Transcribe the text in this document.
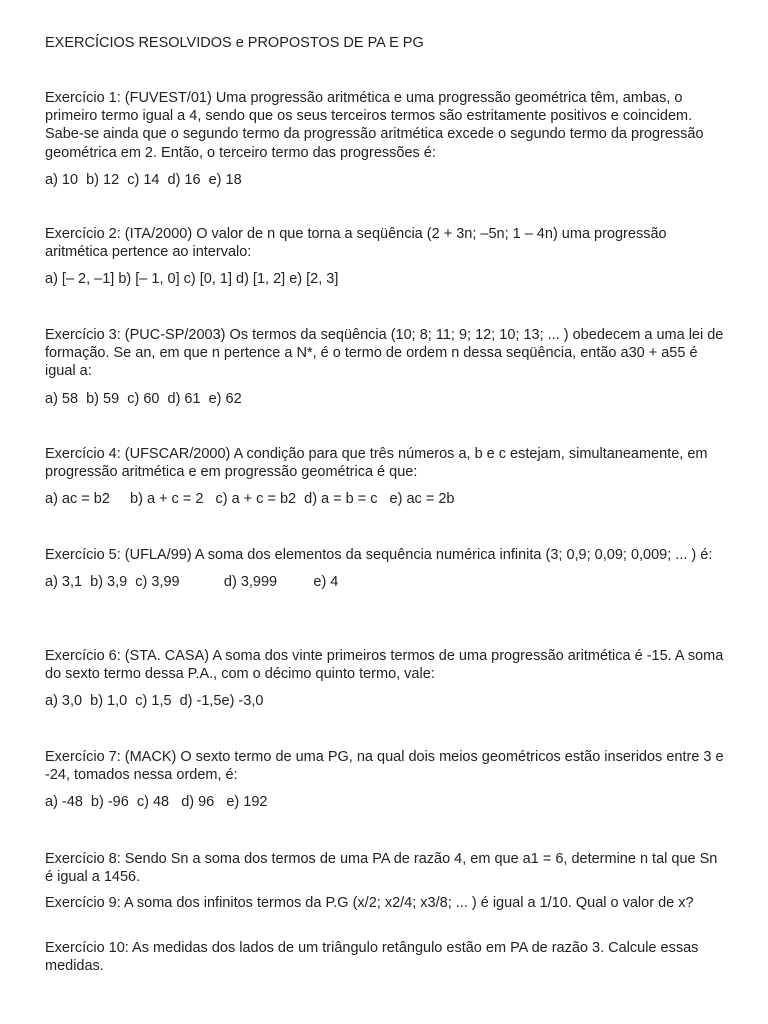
EXERCÍCIOS RESOLVIDOS e PROPOSTOS DE PA E PG

Exercício 1: (FUVEST/01) Uma progressão aritmética e uma progressão geométrica têm, ambas, o primeiro termo igual a 4, sendo que os seus terceiros termos são estritamente positivos e coincidem. Sabe-se ainda que o segundo termo da progressão aritmética excede o segundo termo da progressão geométrica em 2. Então, o terceiro termo das progressões é:

a) 10  b) 12  c) 14  d) 16  e) 18

Exercício 2: (ITA/2000) O valor de n que torna a seqüência (2 + 3n; –5n; 1 – 4n) uma progressão aritmética pertence ao intervalo:

a) [– 2, –1] b) [– 1, 0] c) [0, 1] d) [1, 2] e) [2, 3]

Exercício 3: (PUC-SP/2003) Os termos da seqüência (10; 8; 11; 9; 12; 10; 13; ... ) obedecem a uma lei de formação. Se an, em que n pertence a N*, é o termo de ordem n dessa seqüência, então a30 + a55 é igual a:

a) 58  b) 59  c) 60  d) 61  e) 62

Exercício 4: (UFSCAR/2000) A condição para que três números a, b e c estejam, simultaneamente, em progressão aritmética e em progressão geométrica é que:

a) ac = b2     b) a + c = 2   c) a + c = b2  d) a = b = c   e) ac = 2b

Exercício 5: (UFLA/99) A soma dos elementos da sequência numérica infinita (3; 0,9; 0,09; 0,009; ... ) é:

a) 3,1  b) 3,9  c) 3,99           d) 3,999         e) 4

Exercício 6: (STA. CASA) A soma dos vinte primeiros termos de uma progressão aritmética é -15. A soma do sexto termo dessa P.A., com o décimo quinto termo, vale:

a) 3,0  b) 1,0  c) 1,5  d) -1,5e) -3,0

Exercício 7: (MACK) O sexto termo de uma PG, na qual dois meios geométricos estão inseridos entre 3 e -24, tomados nessa ordem, é:

a) -48  b) -96  c) 48   d) 96   e) 192

Exercício 8: Sendo Sn a soma dos termos de uma PA de razão 4, em que a1 = 6, determine n tal que Sn é igual a 1456.

Exercício 9: A soma dos infinitos termos da P.G (x/2; x2/4; x3/8; ... ) é igual a 1/10. Qual o valor de x?

Exercício 10: As medidas dos lados de um triângulo retângulo estão em PA de razão 3. Calcule essas medidas.
